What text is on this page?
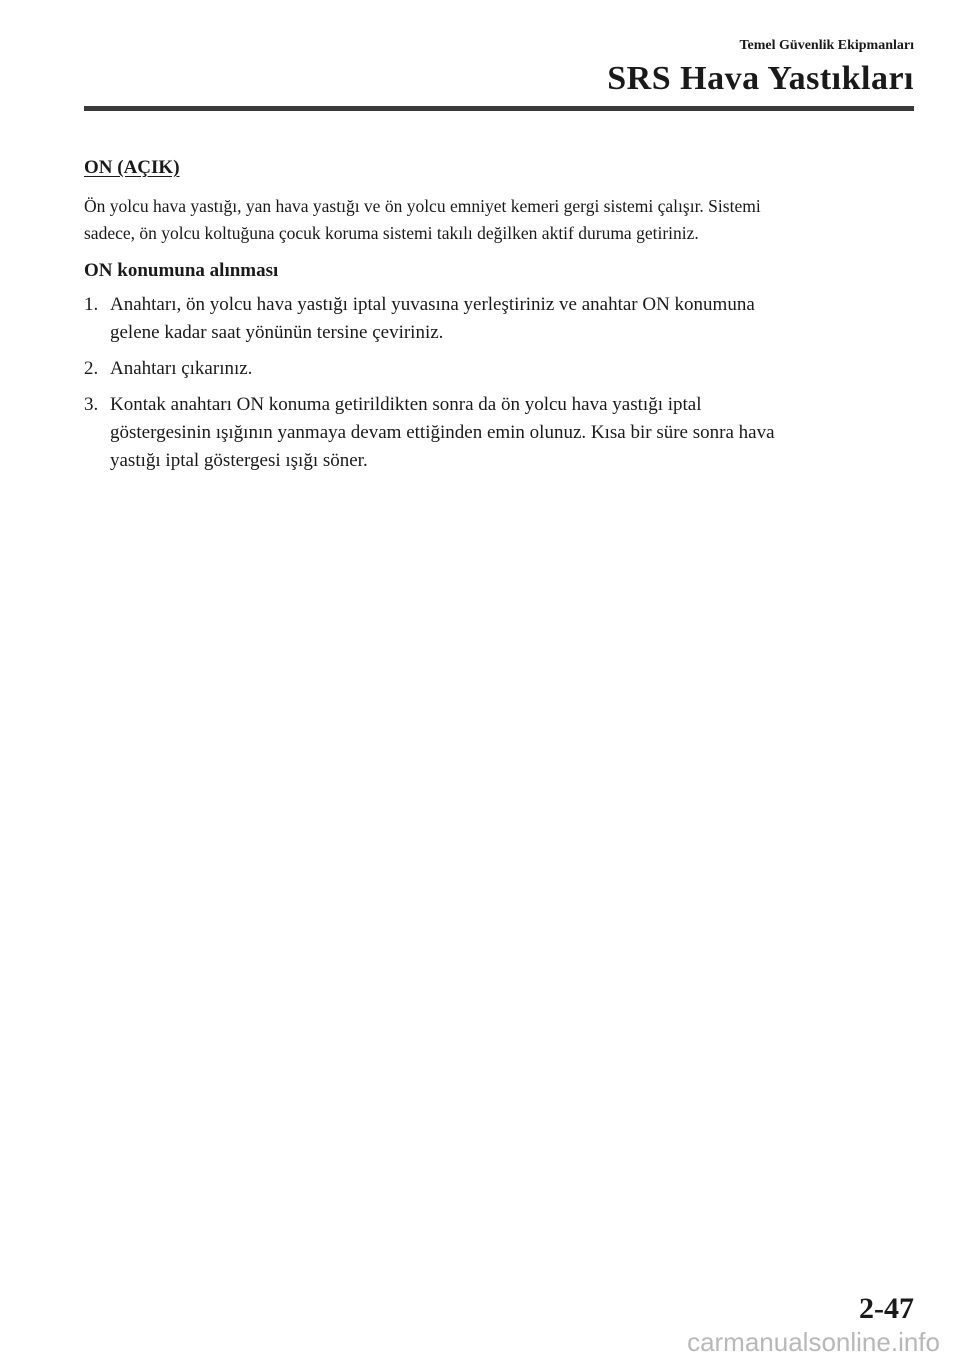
Temel Güvenlik Ekipmanları
SRS Hava Yastıkları
ON (AÇIK)
Ön yolcu hava yastığı, yan hava yastığı ve ön yolcu emniyet kemeri gergi sistemi çalışır. Sistemi
sadece, ön yolcu koltuğuna çocuk koruma sistemi takılı değilken aktif duruma getiriniz.
ON konumuna alınması
1. Anahtarı, ön yolcu hava yastığı iptal yuvasına yerleştiriniz ve anahtar ON konumuna
gelene kadar saat yönünün tersine çeviriniz.
2. Anahtarı çıkarınız.
3. Kontak anahtarı ON konuma getirildikten sonra da ön yolcu hava yastığı iptal
göstergesinin ışığının yanmaya devam ettiğinden emin olunuz. Kısa bir süre sonra hava
yastığı iptal göstergesi ışığı söner.
2-47
carmanualsonline.info
